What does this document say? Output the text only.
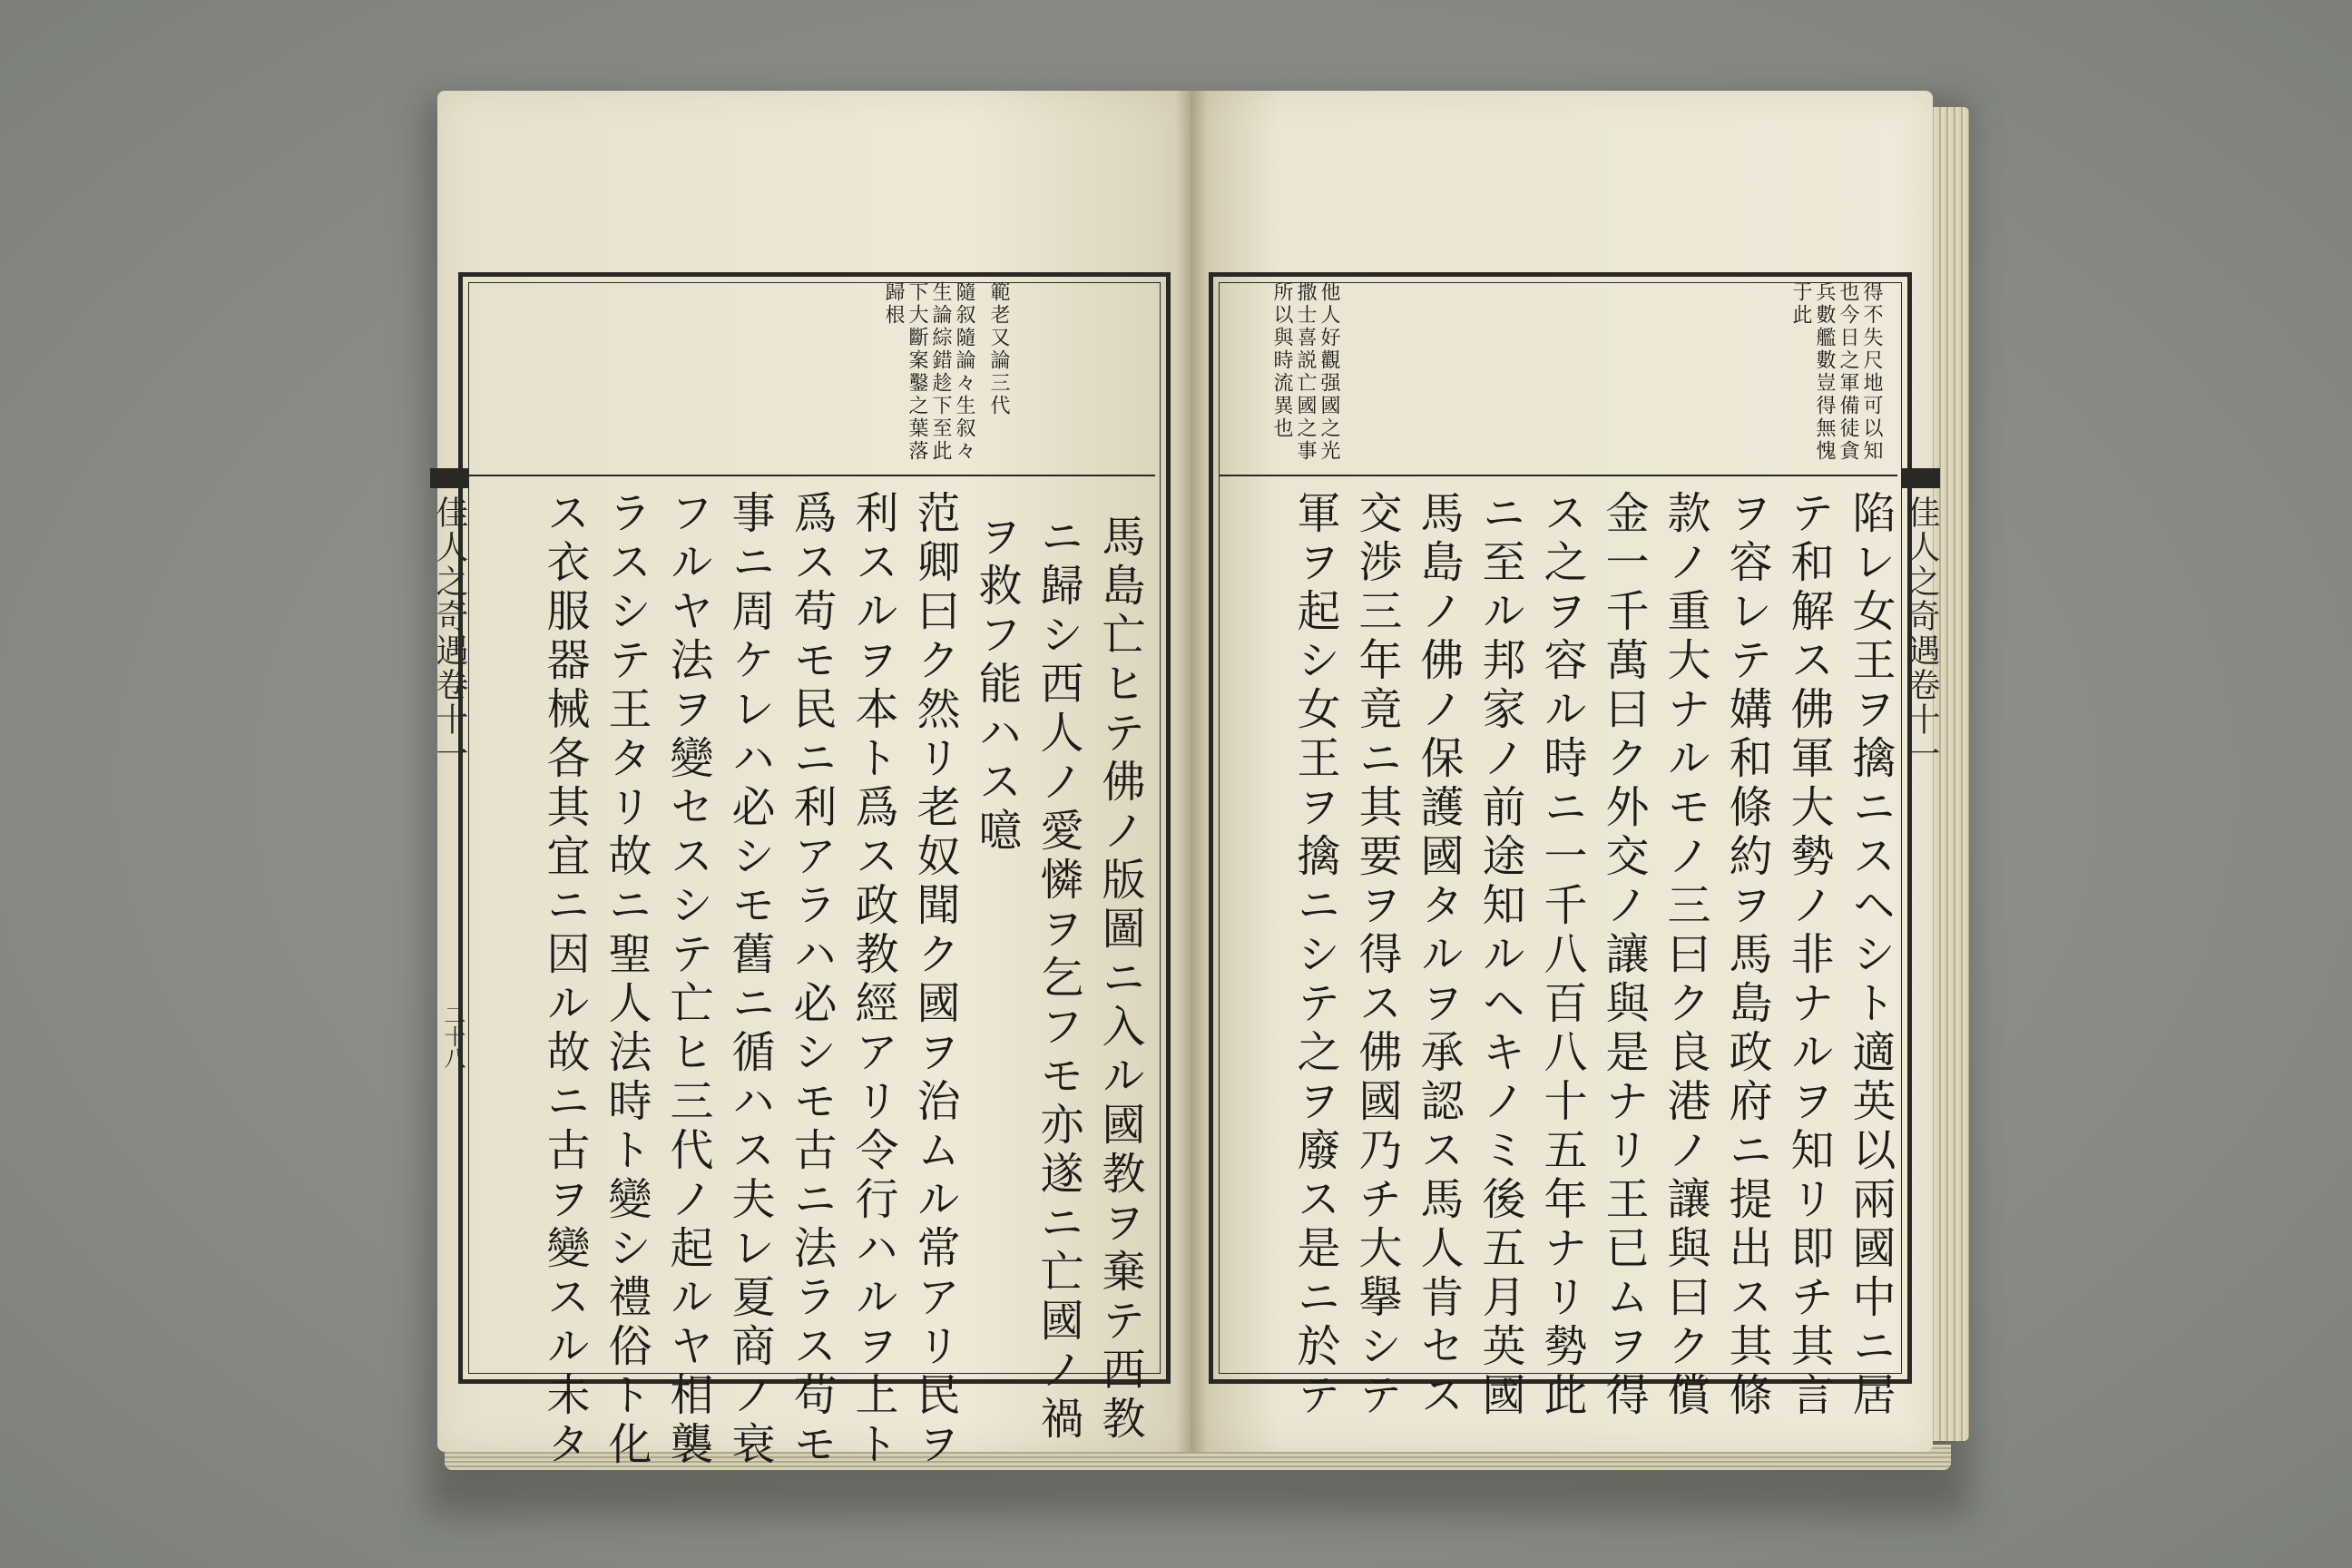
範老又論三代
隨叙隨論々生叙々
馬島亡ヒテ佛ノ版圖ニ入ル國教ヲ棄テ西教
ニ歸シ西人ノ愛憐ヲ乞フモ亦遂ニ亡國ノ禍
ヲ救フ能ハス噫
范卿曰ク然リ老奴聞ク國ヲ治ムル常アリ民ヲ
利スルヲ本ト爲ス政教經アリ令行ハルヲ上ト
爲ス苟モ民ニ利アラハ必シモ古ニ法ラス苟モ
事ニ周ケレハ必シモ舊ニ循ハス夫レ夏商ノ衰
フルヤ法ヲ變セスシテ亡ヒ三代ノ起ルヤ相襲
ラスシテ王タリ故ニ聖人法時ト變シ禮俗ト化
ス衣服器械各其宜ニ因ル故ニ古ヲ變スル未タ
佳人之奇遇卷十一
二十八
得不失尺地可以知
也今日之軍備徒貪
兵數艦數豈得無愧
于此
他人好觀强國之光
撒士喜説亡國之事
所以與時流異也
陷レ女王ヲ擒ニスヘシト適英以兩國中ニ居
テ和解ス佛軍大勢ノ非ナルヲ知リ即チ其言
ヲ容レテ媾和條約ヲ馬島政府ニ提出ス其條
款ノ重大ナルモノ三曰ク良港ノ讓與曰ク償
金一千萬曰ク外交ノ讓與是ナリ王已ムヲ得
ス之ヲ容ル時ニ一千八百八十五年ナリ勢此
ニ至ル邦家ノ前途知ルヘキノミ後五月英國
馬島ノ佛ノ保護國タルヲ承認ス馬人肯セス
交渉三年竟ニ其要ヲ得ス佛國乃チ大擧シテ
軍ヲ起シ女王ヲ擒ニシテ之ヲ廢ス是ニ於テ	佳人之奇遇卷十一
生論綜錯趁下至此
下大斷案鑿之葉落
歸根
